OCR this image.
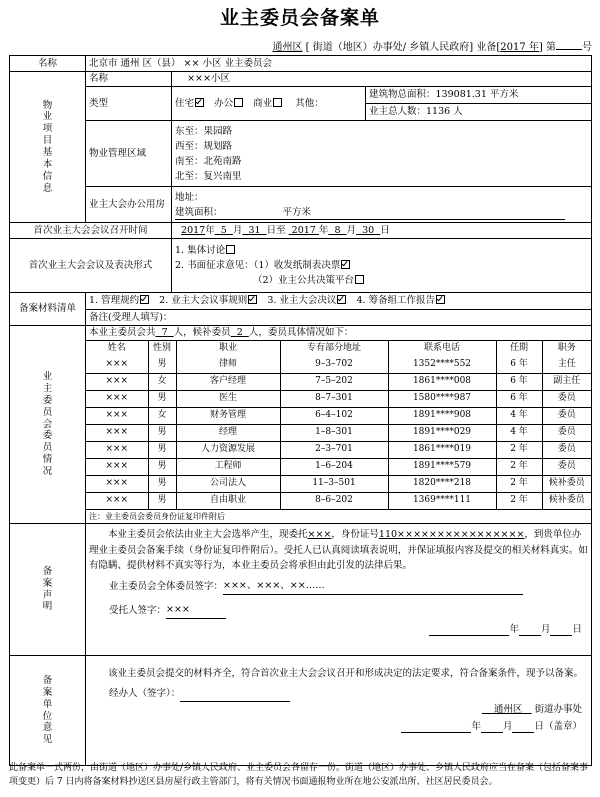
业主委员会备案单
通州区 [ 街道（地区）办事处/ 乡镇人民政府] 业备[2017 年] 第	号
名称	北京市 通州 区（县） ×× 小区 业主委员会
物业项目基本信息	名称	×××小区
类型	住宅 办公 商业 其他：	建筑物总面积：139081.31 平方米
业主总人数：1136 人
物业管理区域	
东至：果园路
西至：规划路
南至：北苑南路
北至：复兴南里

业主大会办公用房	
地址：
建筑面积：	平方米

首次业主大会会议召开时间	2017年 5 月 31 日至 2017 年 8 月 30 日
首次业主大会会议及表决形式	
1. 集体讨论
2. 书面征求意见：（1）收发纸制表决票
（2）业主公共决策平台

备案材料清单	1. 管理规约 2. 业主大会议事规则 3. 业主大会决议 4. 筹备组工作报告
备注(受理人填写)：
业主委员会委员情况	本业主委员会共 7 人，候补委员 2 人，委员具体情况如下：

姓名	性别	职业	专有部分地址	联系电话	任期	职务
×××	男	律师	9–3–702	1352****552	6 年	主任
×××	女	客户经理	7–5–202	1861****008	6 年	副主任
×××	男	医生	8–7–301	1580****987	6 年	委员
×××	女	财务管理	6–4–102	1891****908	4 年	委员
×××	男	经理	1–8–301	1891****029	4 年	委员
×××	男	人力资源发展	2–3–701	1861****019	2 年	委员
×××	男	工程师	1–6–204	1891****579	2 年	委员
×××	男	公司法人	11–3–501	1820****218	2 年	候补委员
×××	男	自由职业	8–6–202	1369****111	2 年	候补委员

注：业主委员会委员身份证复印件附后
备案声明	

本业主委员会依法由业主大会选举产生，现委托×××，身份证号110××××××××××××××××，到贵单位办理业主委员会备案手续（身份证复印件附后）。受托人已认真阅读填表说明，并保证填报内容及提交的相关材料真实。如有隐瞒、提供材料不真实等行为，本业主委员会将承担由此引发的法律后果。

业主委员会全体委员签字：×××、×××、××……
受托人签字：×××
年 月 日

备案单位意见	

该业主委员会提交的材料齐全，符合首次业主大会会议召开和形成决定的法定要求，符合备案条件，现予以备案。

经办人（签字）：
通州区 街道办事处
年 月 日（盖章）
此备案单一式两份，由街道（地区）办事处/乡镇人民政府、业主委员会各留存一份。街道（地区）办事处、乡镇人民政府应当在备案（包括备案事项变更）后 7 日内将备案材料抄送区县房屋行政主管部门，将有关情况书面通报物业所在地公安派出所、社区居民委员会。
